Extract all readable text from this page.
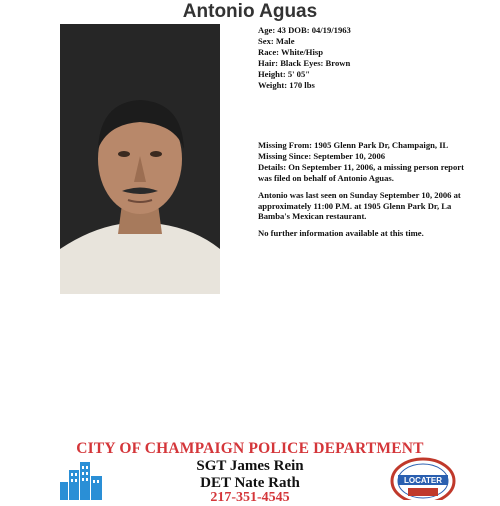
Antonio Aguas
Age: 43 DOB: 04/19/1963
Sex: Male
Race: White/Hisp
Hair: Black Eyes: Brown
Height: 5' 05"
Weight: 170 lbs

Missing From: 1905 Glenn Park Dr, Champaign, IL
Missing Since: September 10, 2006
Details: On September 11, 2006, a missing person report was filed on behalf of Antonio Aguas.

Antonio was last seen on Sunday September 10, 2006 at approximately 11:00 P.M. at 1905 Glenn Park Dr, La Bamba's Mexican restaurant.

No further information available at this time.

CITY OF CHAMPAIGN POLICE DEPARTMENT
SGT James Rein
DET Nate Rath
217-351-4545
LOCATER
